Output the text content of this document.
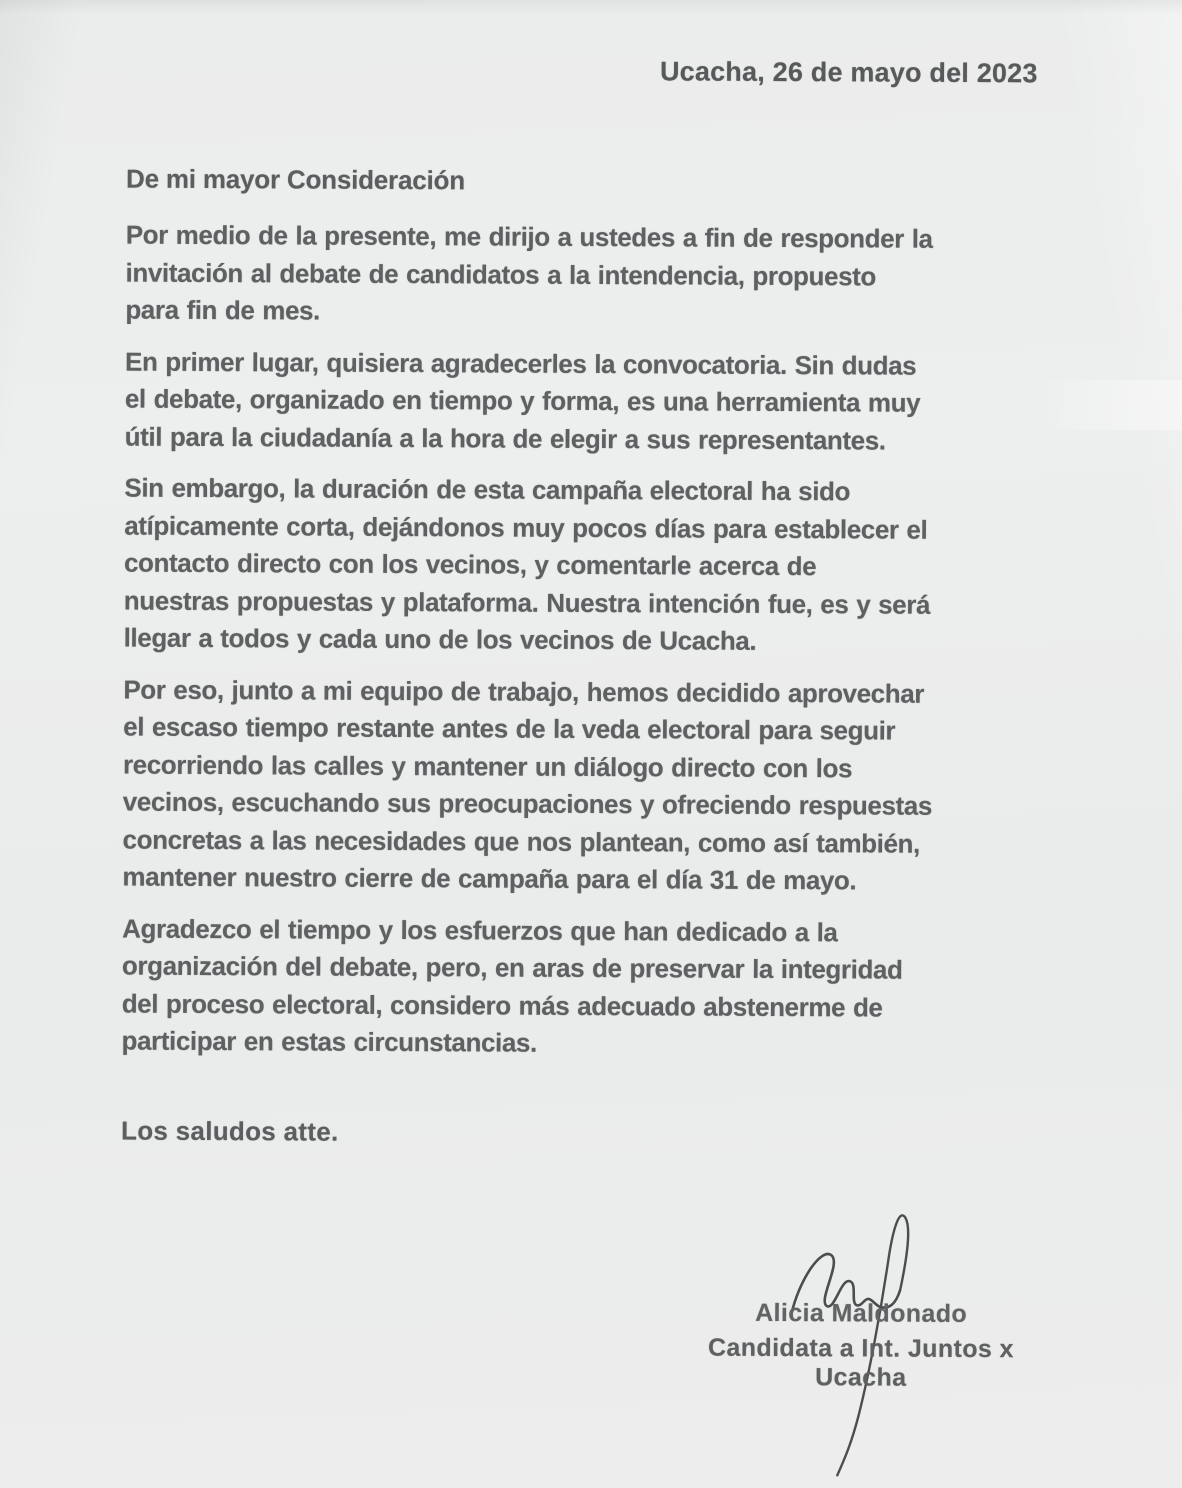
Ucacha, 26 de mayo del 2023

De mi mayor Consideración

Por medio de la presente, me dirijo a ustedes a fin de responder la
invitación al debate de candidatos a la intendencia, propuesto
para fin de mes.

En primer lugar, quisiera agradecerles la convocatoria. Sin dudas
el debate, organizado en tiempo y forma, es una herramienta muy
útil para la ciudadanía a la hora de elegir a sus representantes.

Sin embargo, la duración de esta campaña electoral ha sido
atípicamente corta, dejándonos muy pocos días para establecer el
contacto directo con los vecinos, y comentarle acerca de
nuestras propuestas y plataforma. Nuestra intención fue, es y será
llegar a todos y cada uno de los vecinos de Ucacha.

Por eso, junto a mi equipo de trabajo, hemos decidido aprovechar
el escaso tiempo restante antes de la veda electoral para seguir
recorriendo las calles y mantener un diálogo directo con los
vecinos, escuchando sus preocupaciones y ofreciendo respuestas
concretas a las necesidades que nos plantean, como así también,
mantener nuestro cierre de campaña para el día 31 de mayo.

Agradezco el tiempo y los esfuerzos que han dedicado a la
organización del debate, pero, en aras de preservar la integridad
del proceso electoral, considero más adecuado abstenerme de
participar en estas circunstancias.

Los saludos atte.
Alicia Maldonado
Candidata a Int. Juntos x Ucacha
